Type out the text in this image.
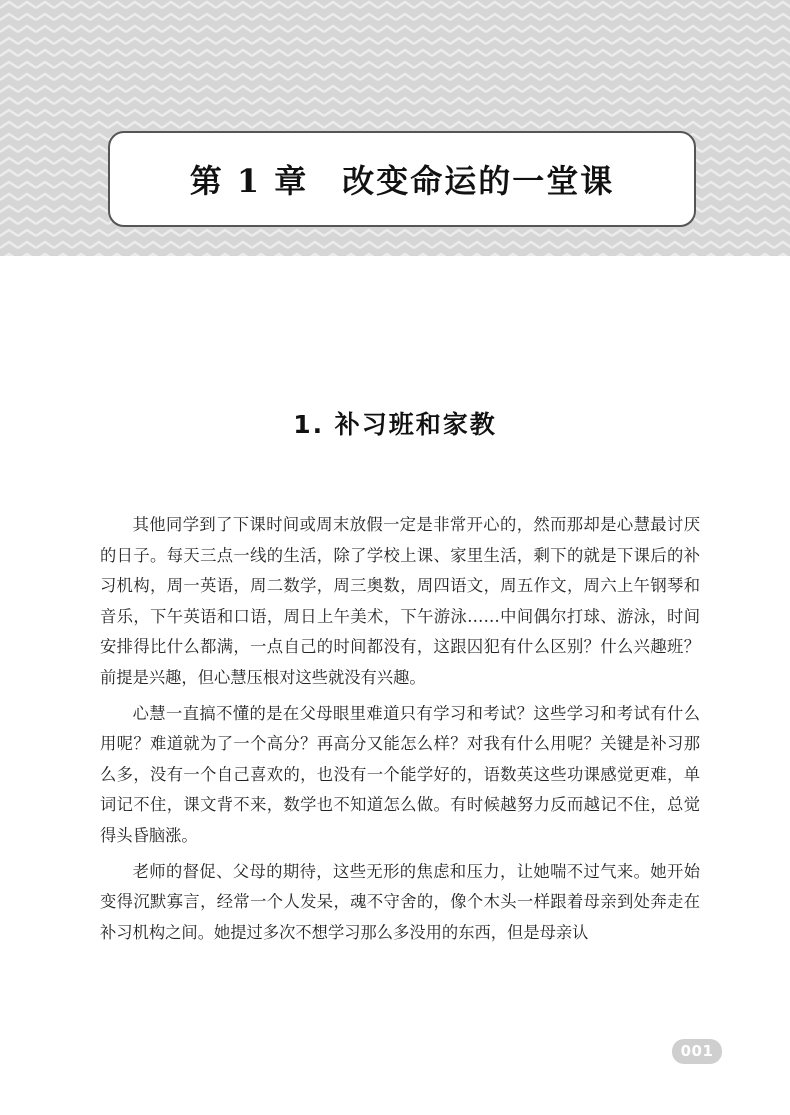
第 1 章　改变命运的一堂课
1. 补习班和家教

其他同学到了下课时间或周末放假一定是非常开心的，然而那却是心慧最讨厌的日子。每天三点一线的生活，除了学校上课、家里生活，剩下的就是下课后的补习机构，周一英语，周二数学，周三奥数，周四语文，周五作文，周六上午钢琴和音乐，下午英语和口语，周日上午美术，下午游泳……中间偶尔打球、游泳，时间安排得比什么都满，一点自己的时间都没有，这跟囚犯有什么区别？什么兴趣班？前提是兴趣，但心慧压根对这些就没有兴趣。

心慧一直搞不懂的是在父母眼里难道只有学习和考试？这些学习和考试有什么用呢？难道就为了一个高分？再高分又能怎么样？对我有什么用呢？关键是补习那么多，没有一个自己喜欢的，也没有一个能学好的，语数英这些功课感觉更难，单词记不住，课文背不来，数学也不知道怎么做。有时候越努力反而越记不住，总觉得头昏脑涨。

老师的督促、父母的期待，这些无形的焦虑和压力，让她喘不过气来。她开始变得沉默寡言，经常一个人发呆，魂不守舍的，像个木头一样跟着母亲到处奔走在补习机构之间。她提过多次不想学习那么多没用的东西，但是母亲认

001
